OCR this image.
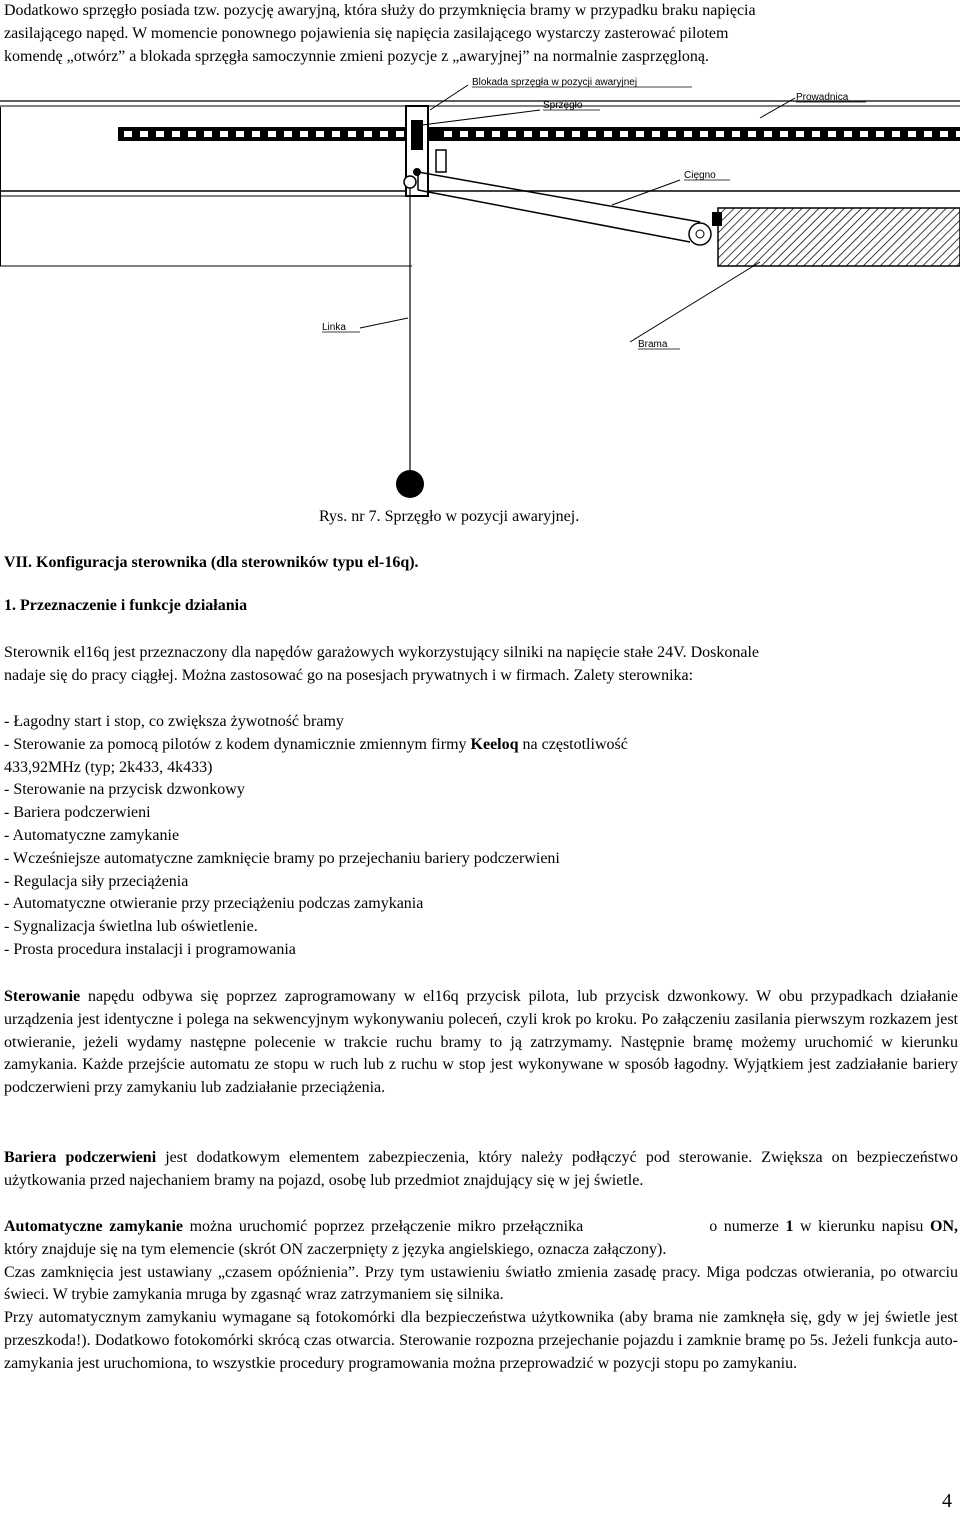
Dodatkowo sprzęgło posiada tzw. pozycję awaryjną, która służy do przymknięcia bramy w przypadku braku napięcia
zasilającego napęd. W momencie ponownego pojawienia się napięcia zasilającego wystarczy zasterować pilotem
komendę „otwórz” a blokada sprzęgła samoczynnie zmieni pozycje z „awaryjnej” na normalnie zasprzęgloną.
Blokada sprzęgła w pozycji awaryjnej
Sprzęgło
Prowadnica
Cięgno
Linka
Brama
Rys. nr 7. Sprzęgło w pozycji awaryjnej.
VII. Konfiguracja sterownika (dla sterowników typu el-16q).
1. Przeznaczenie i funkcje działania
Sterownik el16q jest przeznaczony dla napędów garażowych wykorzystujący silniki na napięcie stałe 24V. Doskonale
nadaje się do pracy ciągłej. Można zastosować go na posesjach prywatnych i w firmach. Zalety sterownika:
- Łagodny start i stop, co zwiększa żywotność bramy
- Sterowanie za pomocą pilotów z kodem dynamicznie zmiennym firmy Keeloq na częstotliwość
433,92MHz (typ; 2k433, 4k433)
- Sterowanie na przycisk dzwonkowy
- Bariera podczerwieni
- Automatyczne zamykanie
- Wcześniejsze automatyczne zamknięcie bramy po przejechaniu bariery podczerwieni
- Regulacja siły przeciążenia
- Automatyczne otwieranie przy przeciążeniu podczas zamykania
- Sygnalizacja świetlna lub oświetlenie.
- Prosta procedura instalacji i programowania

Sterowanie napędu odbywa się poprzez zaprogramowany w el16q przycisk pilota, lub przycisk dzwonkowy. W obu przypadkach działanie urządzenia jest identyczne i polega na sekwencyjnym wykonywaniu poleceń, czyli krok po kroku. Po załączeniu zasilania pierwszym rozkazem jest otwieranie, jeżeli wydamy następne polecenie w trakcie ruchu bramy to ją zatrzymamy. Następnie bramę możemy uruchomić w kierunku zamykania. Każde przejście automatu ze stopu w ruch lub z ruchu w stop jest wykonywane w sposób łagodny. Wyjątkiem jest zadziałanie bariery podczerwieni przy zamykaniu lub zadziałanie przeciążenia.

Bariera podczerwieni jest dodatkowym elementem zabezpieczenia, który należy podłączyć pod sterowanie. Zwiększa on bezpieczeństwo użytkowania przed najechaniem bramy na pojazd, osobę lub przedmiot znajdujący się w jej świetle.

Automatyczne zamykanie można uruchomić poprzez przełączenie mikro przełącznika	o numerze 1 w kierunku napisu ON, który znajduje się na tym elemencie (skrót ON zaczerpnięty z języka angielskiego, oznacza załączony).

Czas zamknięcia jest ustawiany „czasem opóźnienia”. Przy tym ustawieniu światło zmienia zasadę pracy. Miga podczas otwierania, po otwarciu świeci. W trybie zamykania mruga by zgasnąć wraz zatrzymaniem się silnika.

Przy automatycznym zamykaniu wymagane są fotokomórki dla bezpieczeństwa użytkownika (aby brama nie zamknęła się, gdy w jej świetle jest przeszkoda!). Dodatkowo fotokomórki skrócą czas otwarcia. Sterowanie rozpozna przejechanie pojazdu i zamknie bramę po 5s. Jeżeli funkcja auto-zamykania jest uruchomiona, to wszystkie procedury programowania można przeprowadzić w pozycji stopu po zamykaniu.

4
